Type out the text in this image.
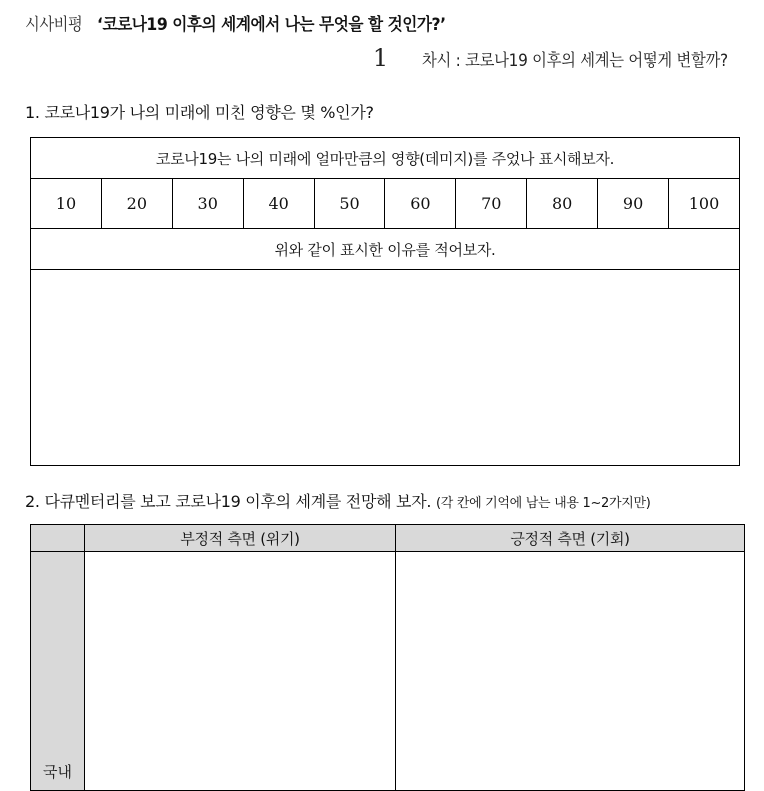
시사비평 ‘코로나19 이후의 세계에서 나는 무엇을 할 것인가?’
1 차시 : 코로나19 이후의 세계는 어떻게 변할까?
1. 코로나19가 나의 미래에 미친 영향은 몇 %인가?
코로나19는 나의 미래에 얼마만큼의 영향(데미지)를 주었나 표시해보자.
10	20	30	40	50	60	70	80	90	100
위와 같이 표시한 이유를 적어보자.

2. 다큐멘터리를 보고 코로나19 이후의 세계를 전망해 보자. (각 칸에 기억에 남는 내용 1~2가지만)
	부정적 측면 (위기)	긍정적 측면 (기회)
국내		
